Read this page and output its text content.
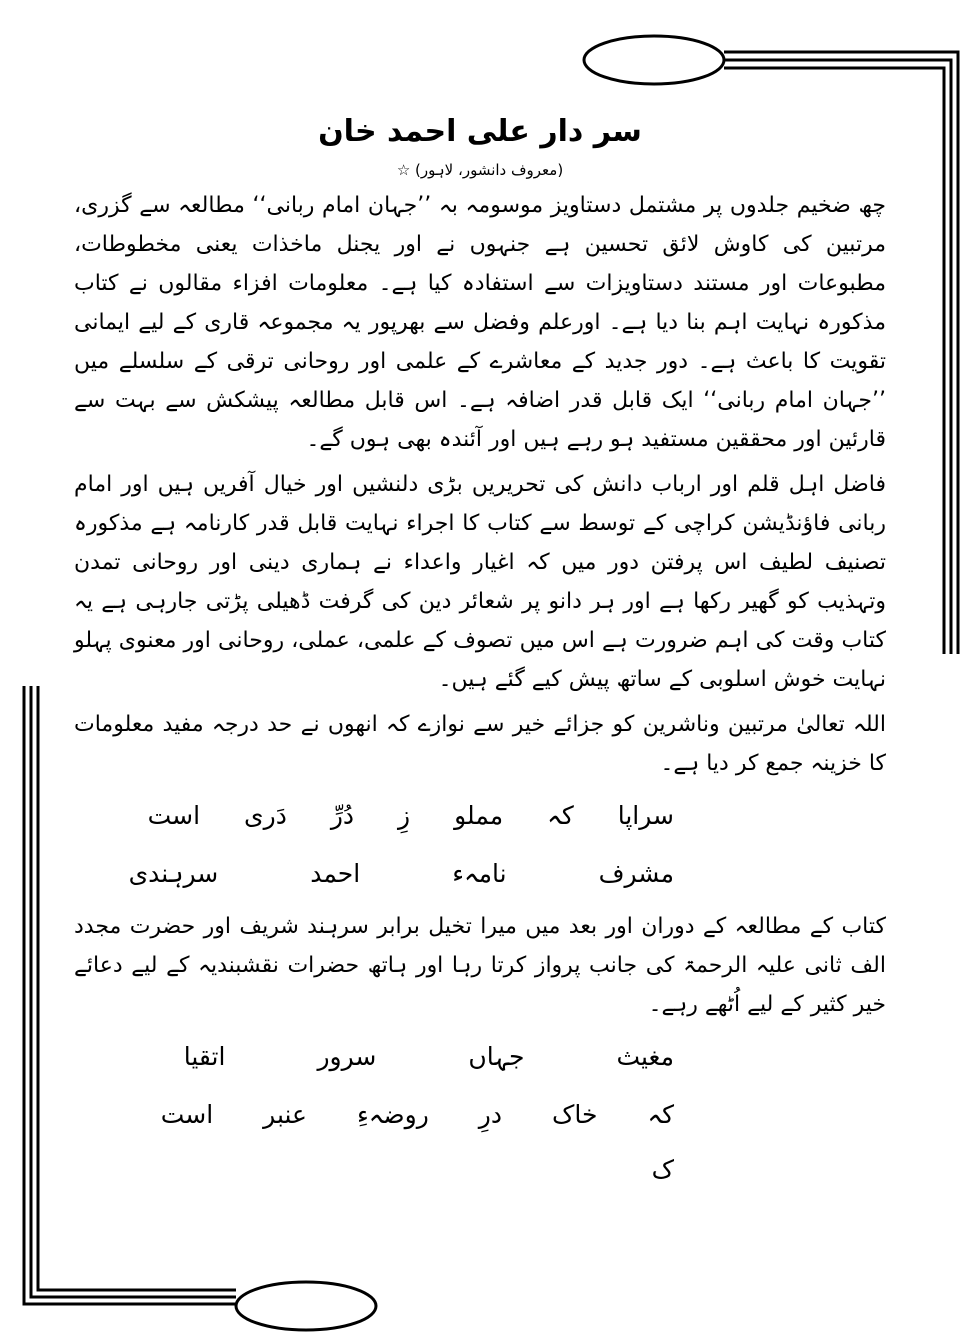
سر دار علی احمد خان
(معروف دانشور، لاہور) ☆

چھ ضخیم جلدوں پر مشتمل دستاویز موسومہ بہ ’’جہان امام ربانی‘‘ مطالعہ سے گزری، مرتبین کی کاوش لائق تحسین ہے جنہوں نے اور یجنل ماخذات یعنی مخطوطات، مطبوعات اور مستند دستاویزات سے استفادہ کیا ہے۔ معلومات افزاء مقالوں نے کتاب مذکورہ نہایت اہم بنا دیا ہے۔ اورعلم وفضل سے بھرپور یہ مجموعہ قاری کے لیے ایمانی تقویت کا باعث ہے۔ دور جدید کے معاشرے کے علمی اور روحانی ترقی کے سلسلے میں ’’جہان امام ربانی‘‘ ایک قابل قدر اضافہ ہے۔ اس قابل مطالعہ پیشکش سے بہت سے قارئین اور محققین مستفید ہو رہے ہیں اور آئندہ بھی ہوں گے۔

فاضل اہل قلم اور ارباب دانش کی تحریریں بڑی دلنشیں اور خیال آفریں ہیں اور امام ربانی فاؤنڈیشن کراچی کے توسط سے کتاب کا اجراء نہایت قابل قدر کارنامہ ہے مذکورہ تصنیف لطیف اس پرفتن دور میں کہ اغیار واعداء نے ہماری دینی اور روحانی تمدن وتہذیب کو گھیر رکھا ہے اور ہر دانو پر شعائر دین کی گرفت ڈھیلی پڑتی جارہی ہے یہ کتاب وقت کی اہم ضرورت ہے اس میں تصوف کے علمی، عملی، روحانی اور معنوی پہلو نہایت خوش اسلوبی کے ساتھ پیش کیے گئے ہیں۔

اللہ تعالیٰ مرتبین وناشرین کو جزائے خیر سے نوازے کہ انھوں نے حد درجہ مفید معلومات کا خزینہ جمع کر دیا ہے۔

سراپا
کہ
مملو
زِ
دُرِّ
دَری
است
مشرف
نامہء
احمد
سرہندی

کتاب کے مطالعہ کے دوران اور بعد میں میرا تخیل برابر سرہند شریف اور حضرت مجدد الف ثانی علیہ الرحمۃ کی جانب پرواز کرتا رہا اور ہاتھ حضرات نقشبندیہ کے لیے دعائے خیر کثیر کے لیے اُٹھے رہے۔

مغیث
جہاں
سرور
اتقیا
کہ
خاک
درِ
روضہءِ
عنبر
است
ک
